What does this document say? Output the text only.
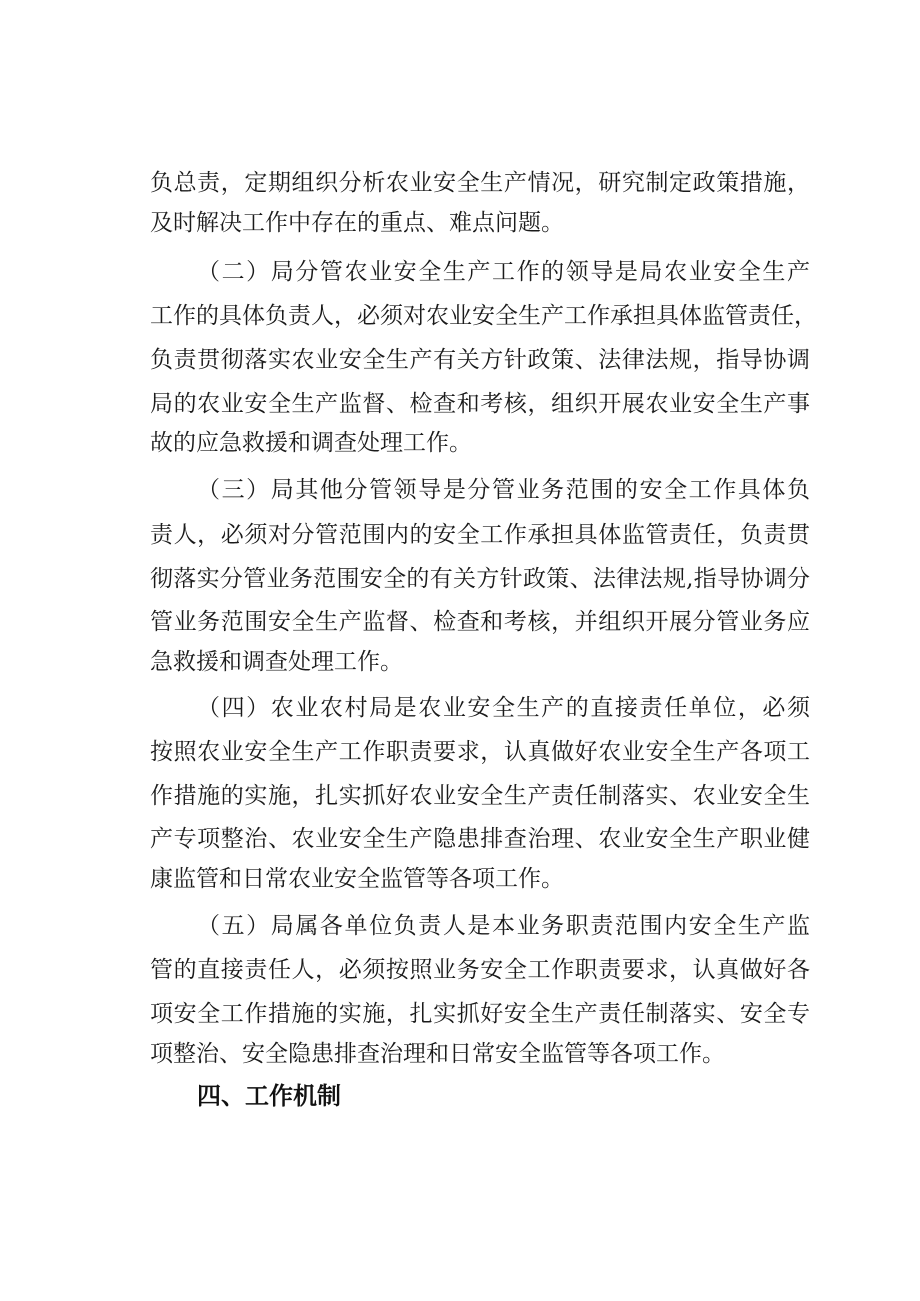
负总责，定期组织分析农业安全生产情况，研究制定政策措施，
及时解决工作中存在的重点、难点问题。
（二）局分管农业安全生产工作的领导是局农业安全生产
工作的具体负责人，必须对农业安全生产工作承担具体监管责任，
负责贯彻落实农业安全生产有关方针政策、法律法规，指导协调
局的农业安全生产监督、检查和考核，组织开展农业安全生产事
故的应急救援和调查处理工作。
（三）局其他分管领导是分管业务范围的安全工作具体负
责人，必须对分管范围内的安全工作承担具体监管责任，负责贯
彻落实分管业务范围安全的有关方针政策、法律法规,指导协调分
管业务范围安全生产监督、检查和考核，并组织开展分管业务应
急救援和调查处理工作。
（四）农业农村局是农业安全生产的直接责任单位，必须
按照农业安全生产工作职责要求，认真做好农业安全生产各项工
作措施的实施，扎实抓好农业安全生产责任制落实、农业安全生
产专项整治、农业安全生产隐患排查治理、农业安全生产职业健
康监管和日常农业安全监管等各项工作。
（五）局属各单位负责人是本业务职责范围内安全生产监
管的直接责任人，必须按照业务安全工作职责要求，认真做好各
项安全工作措施的实施，扎实抓好安全生产责任制落实、安全专
项整治、安全隐患排查治理和日常安全监管等各项工作。
四、工作机制
